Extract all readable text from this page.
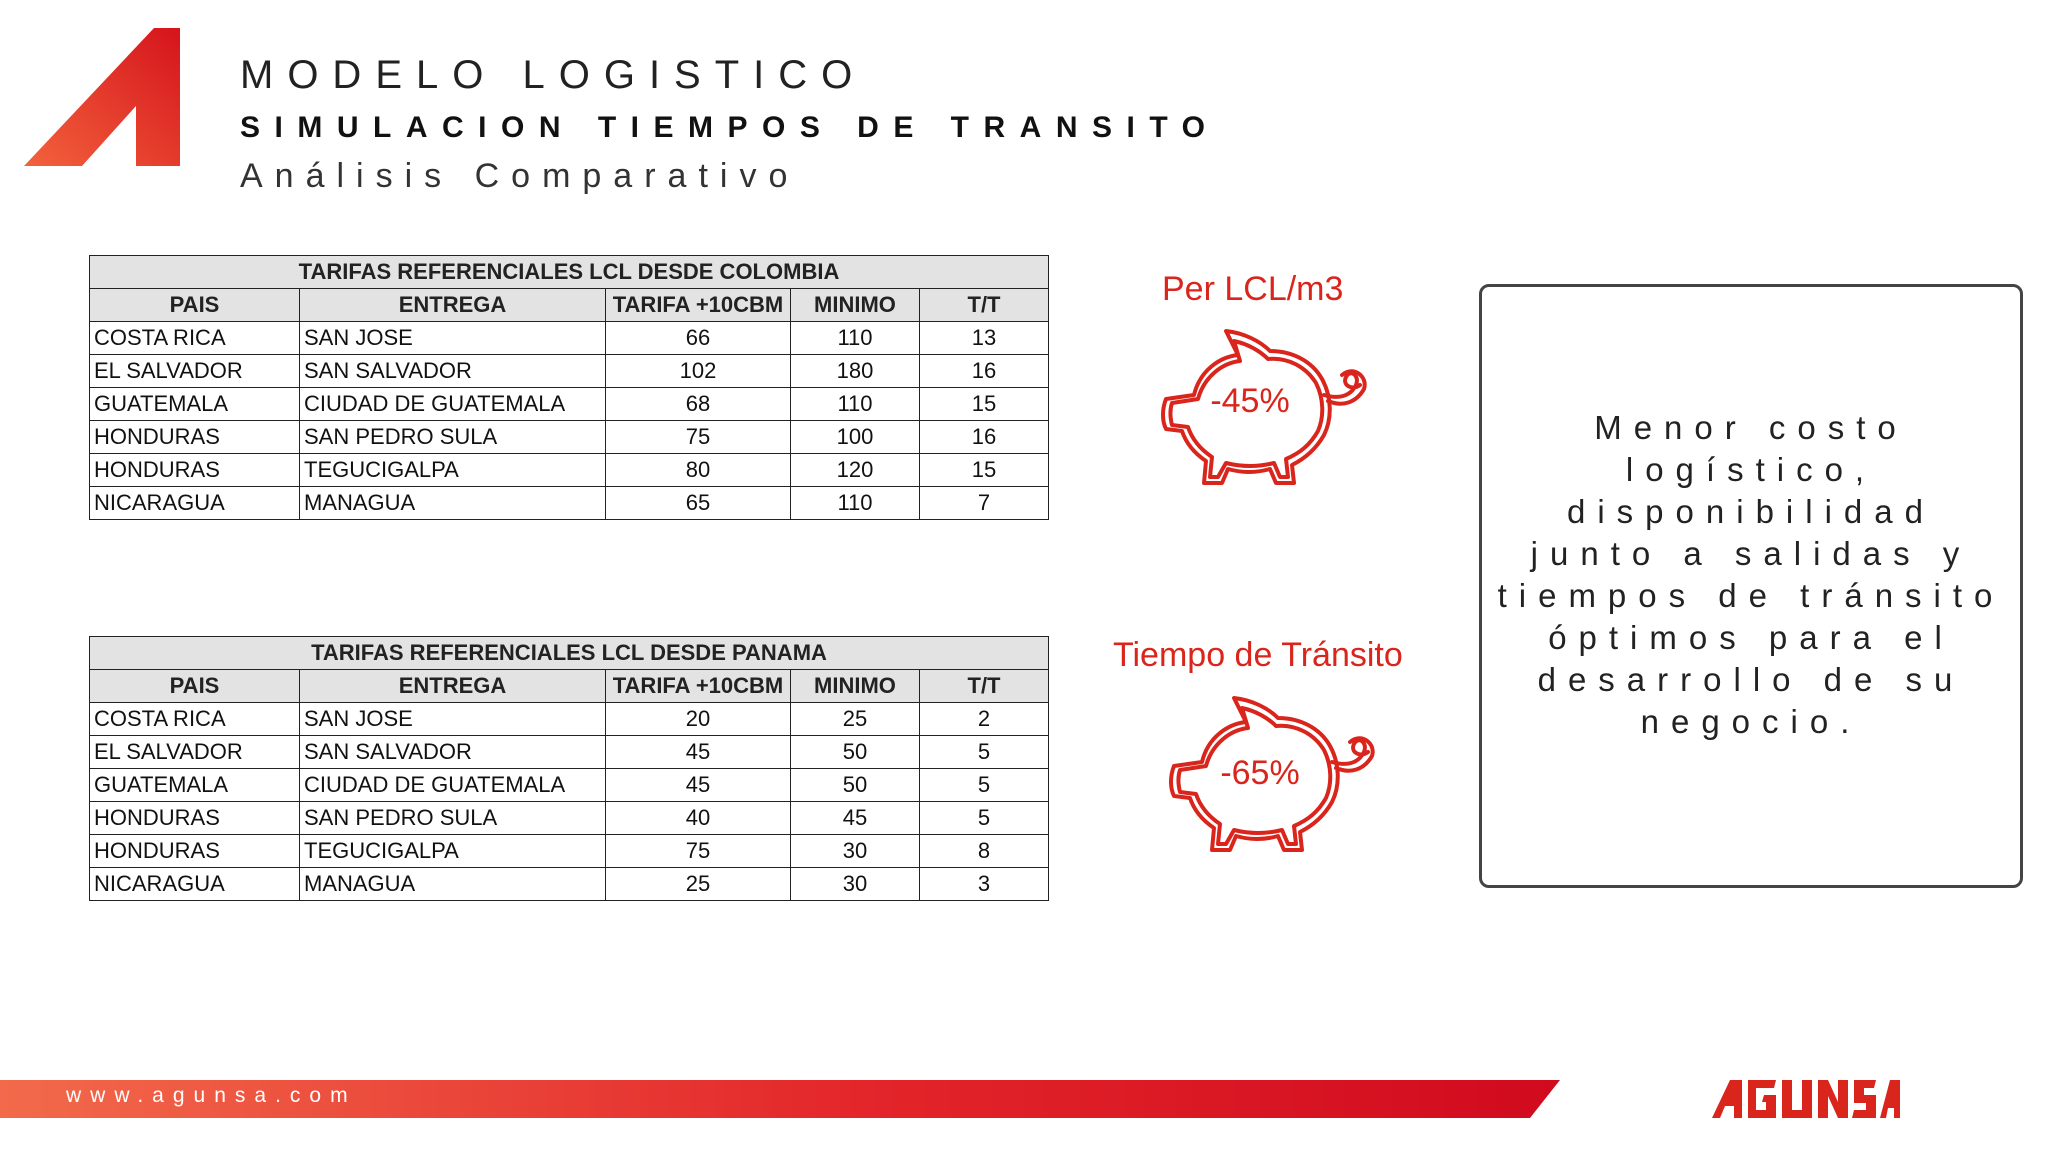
MODELO LOGISTICO
SIMULACION TIEMPOS DE TRANSITO
Análisis Comparativo
TARIFAS REFERENCIALES LCL DESDE COLOMBIA				
PAIS	ENTREGA	TARIFA +10CBM	MINIMO	T/T
COSTA RICA	SAN JOSE	66	110	13
EL SALVADOR	SAN SALVADOR	102	180	16
GUATEMALA	CIUDAD DE GUATEMALA	68	110	15
HONDURAS	SAN PEDRO SULA	75	100	16
HONDURAS	TEGUCIGALPA	80	120	15
NICARAGUA	MANAGUA	65	110	7
TARIFAS REFERENCIALES LCL DESDE PANAMA				
PAIS	ENTREGA	TARIFA +10CBM	MINIMO	T/T
COSTA RICA	SAN JOSE	20	25	2
EL SALVADOR	SAN SALVADOR	45	50	5
GUATEMALA	CIUDAD DE GUATEMALA	45	50	5
HONDURAS	SAN PEDRO SULA	40	45	5
HONDURAS	TEGUCIGALPA	75	30	8
NICARAGUA	MANAGUA	25	30	3
Per LCL/m3
-45%
Tiempo de Tránsito
-65%
Menor costo logístico, disponibilidad junto a salidas y tiempos de tránsito óptimos para el desarrollo de su negocio.
www.agunsa.com
